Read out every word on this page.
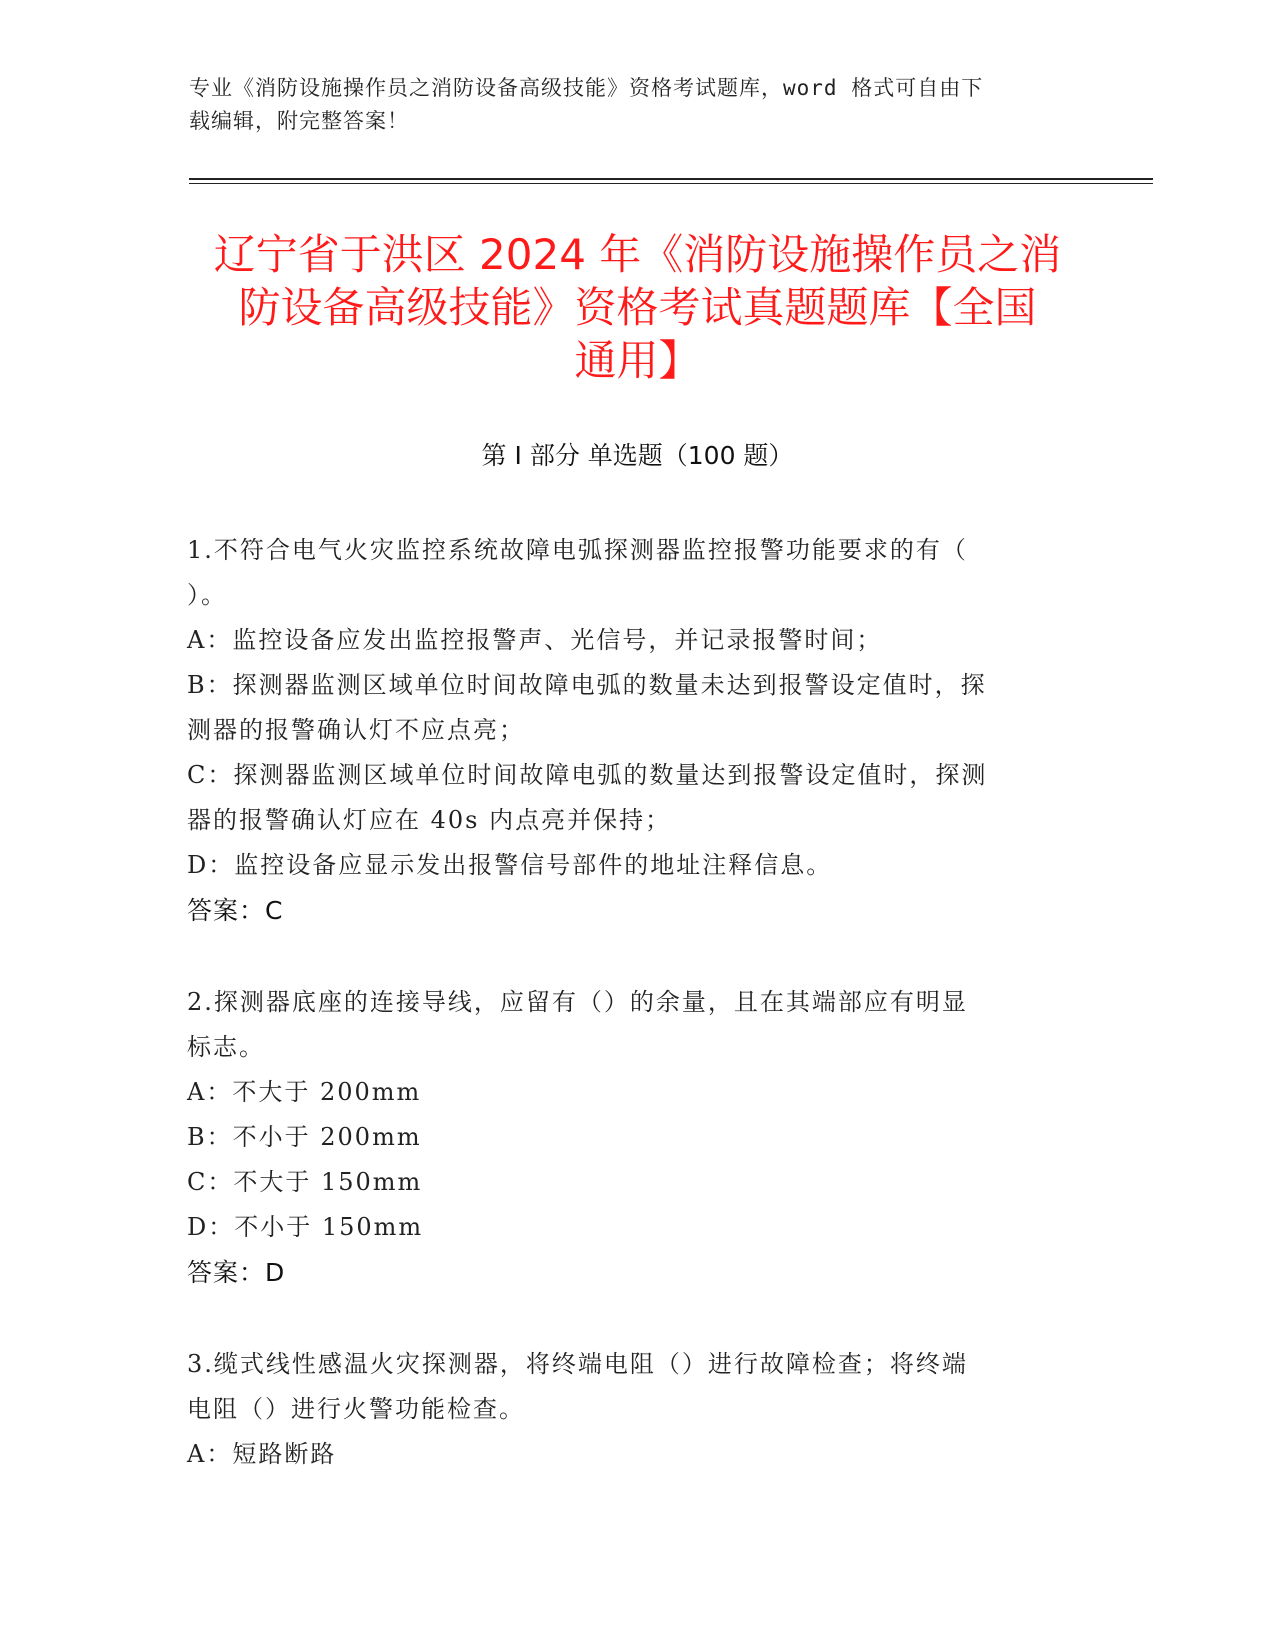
专业《消防设施操作员之消防设备高级技能》资格考试题库，word 格式可自由下
载编辑，附完整答案！
辽宁省于洪区 2024 年《消防设施操作员之消
防设备高级技能》资格考试真题题库【全国
通用】
第 I 部分 单选题（100 题）
1.不符合电气火灾监控系统故障电弧探测器监控报警功能要求的有（
）。
A：监控设备应发出监控报警声、光信号，并记录报警时间；
B：探测器监测区域单位时间故障电弧的数量未达到报警设定值时，探
测器的报警确认灯不应点亮；
C：探测器监测区域单位时间故障电弧的数量达到报警设定值时，探测
器的报警确认灯应在 40s 内点亮并保持；
D：监控设备应显示发出报警信号部件的地址注释信息。
答案：C
2.探测器底座的连接导线，应留有（）的余量，且在其端部应有明显
标志。
A：不大于 200mm
B：不小于 200mm
C：不大于 150mm
D：不小于 150mm
答案：D
3.缆式线性感温火灾探测器，将终端电阻（）进行故障检查；将终端
电阻（）进行火警功能检查。
A：短路断路
